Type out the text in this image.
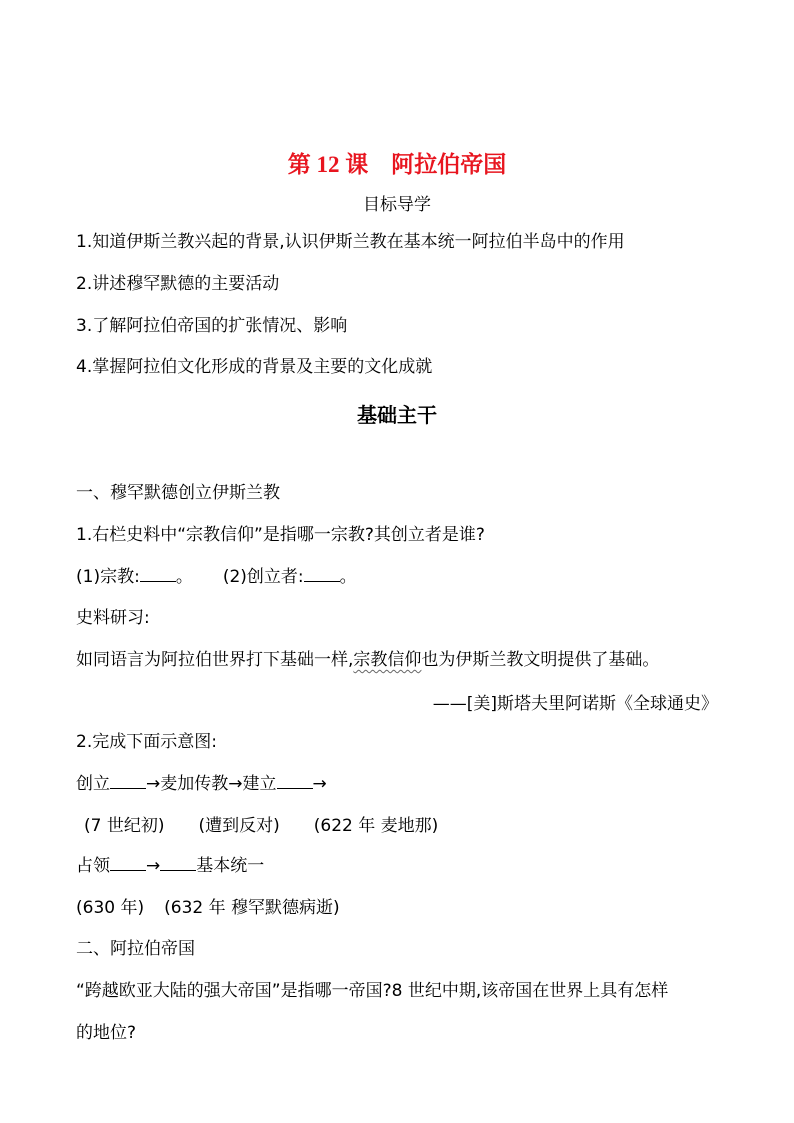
第 12 课　阿拉伯帝国
目标导学
1.知道伊斯兰教兴起的背景,认识伊斯兰教在基本统一阿拉伯半岛中的作用
2.讲述穆罕默德的主要活动
3.了解阿拉伯帝国的扩张情况、影响
4.掌握阿拉伯文化形成的背景及主要的文化成就
基础主干
一、穆罕默德创立伊斯兰教
1.右栏史料中“宗教信仰”是指哪一宗教?其创立者是谁?
(1)宗教: 。 (2)创立者: 。
史料研习:
如同语言为阿拉伯世界打下基础一样,宗教信仰也为伊斯兰教文明提供了基础。
——[美]斯塔夫里阿诺斯《全球通史》
2.完成下面示意图:
创立 →麦加传教→建立 →
(7 世纪初) (遭到反对) (622 年 麦地那)
占领 → 基本统一
(630 年) (632 年 穆罕默德病逝)
二、阿拉伯帝国
“跨越欧亚大陆的强大帝国”是指哪一帝国?8 世纪中期,该帝国在世界上具有怎样
的地位?
